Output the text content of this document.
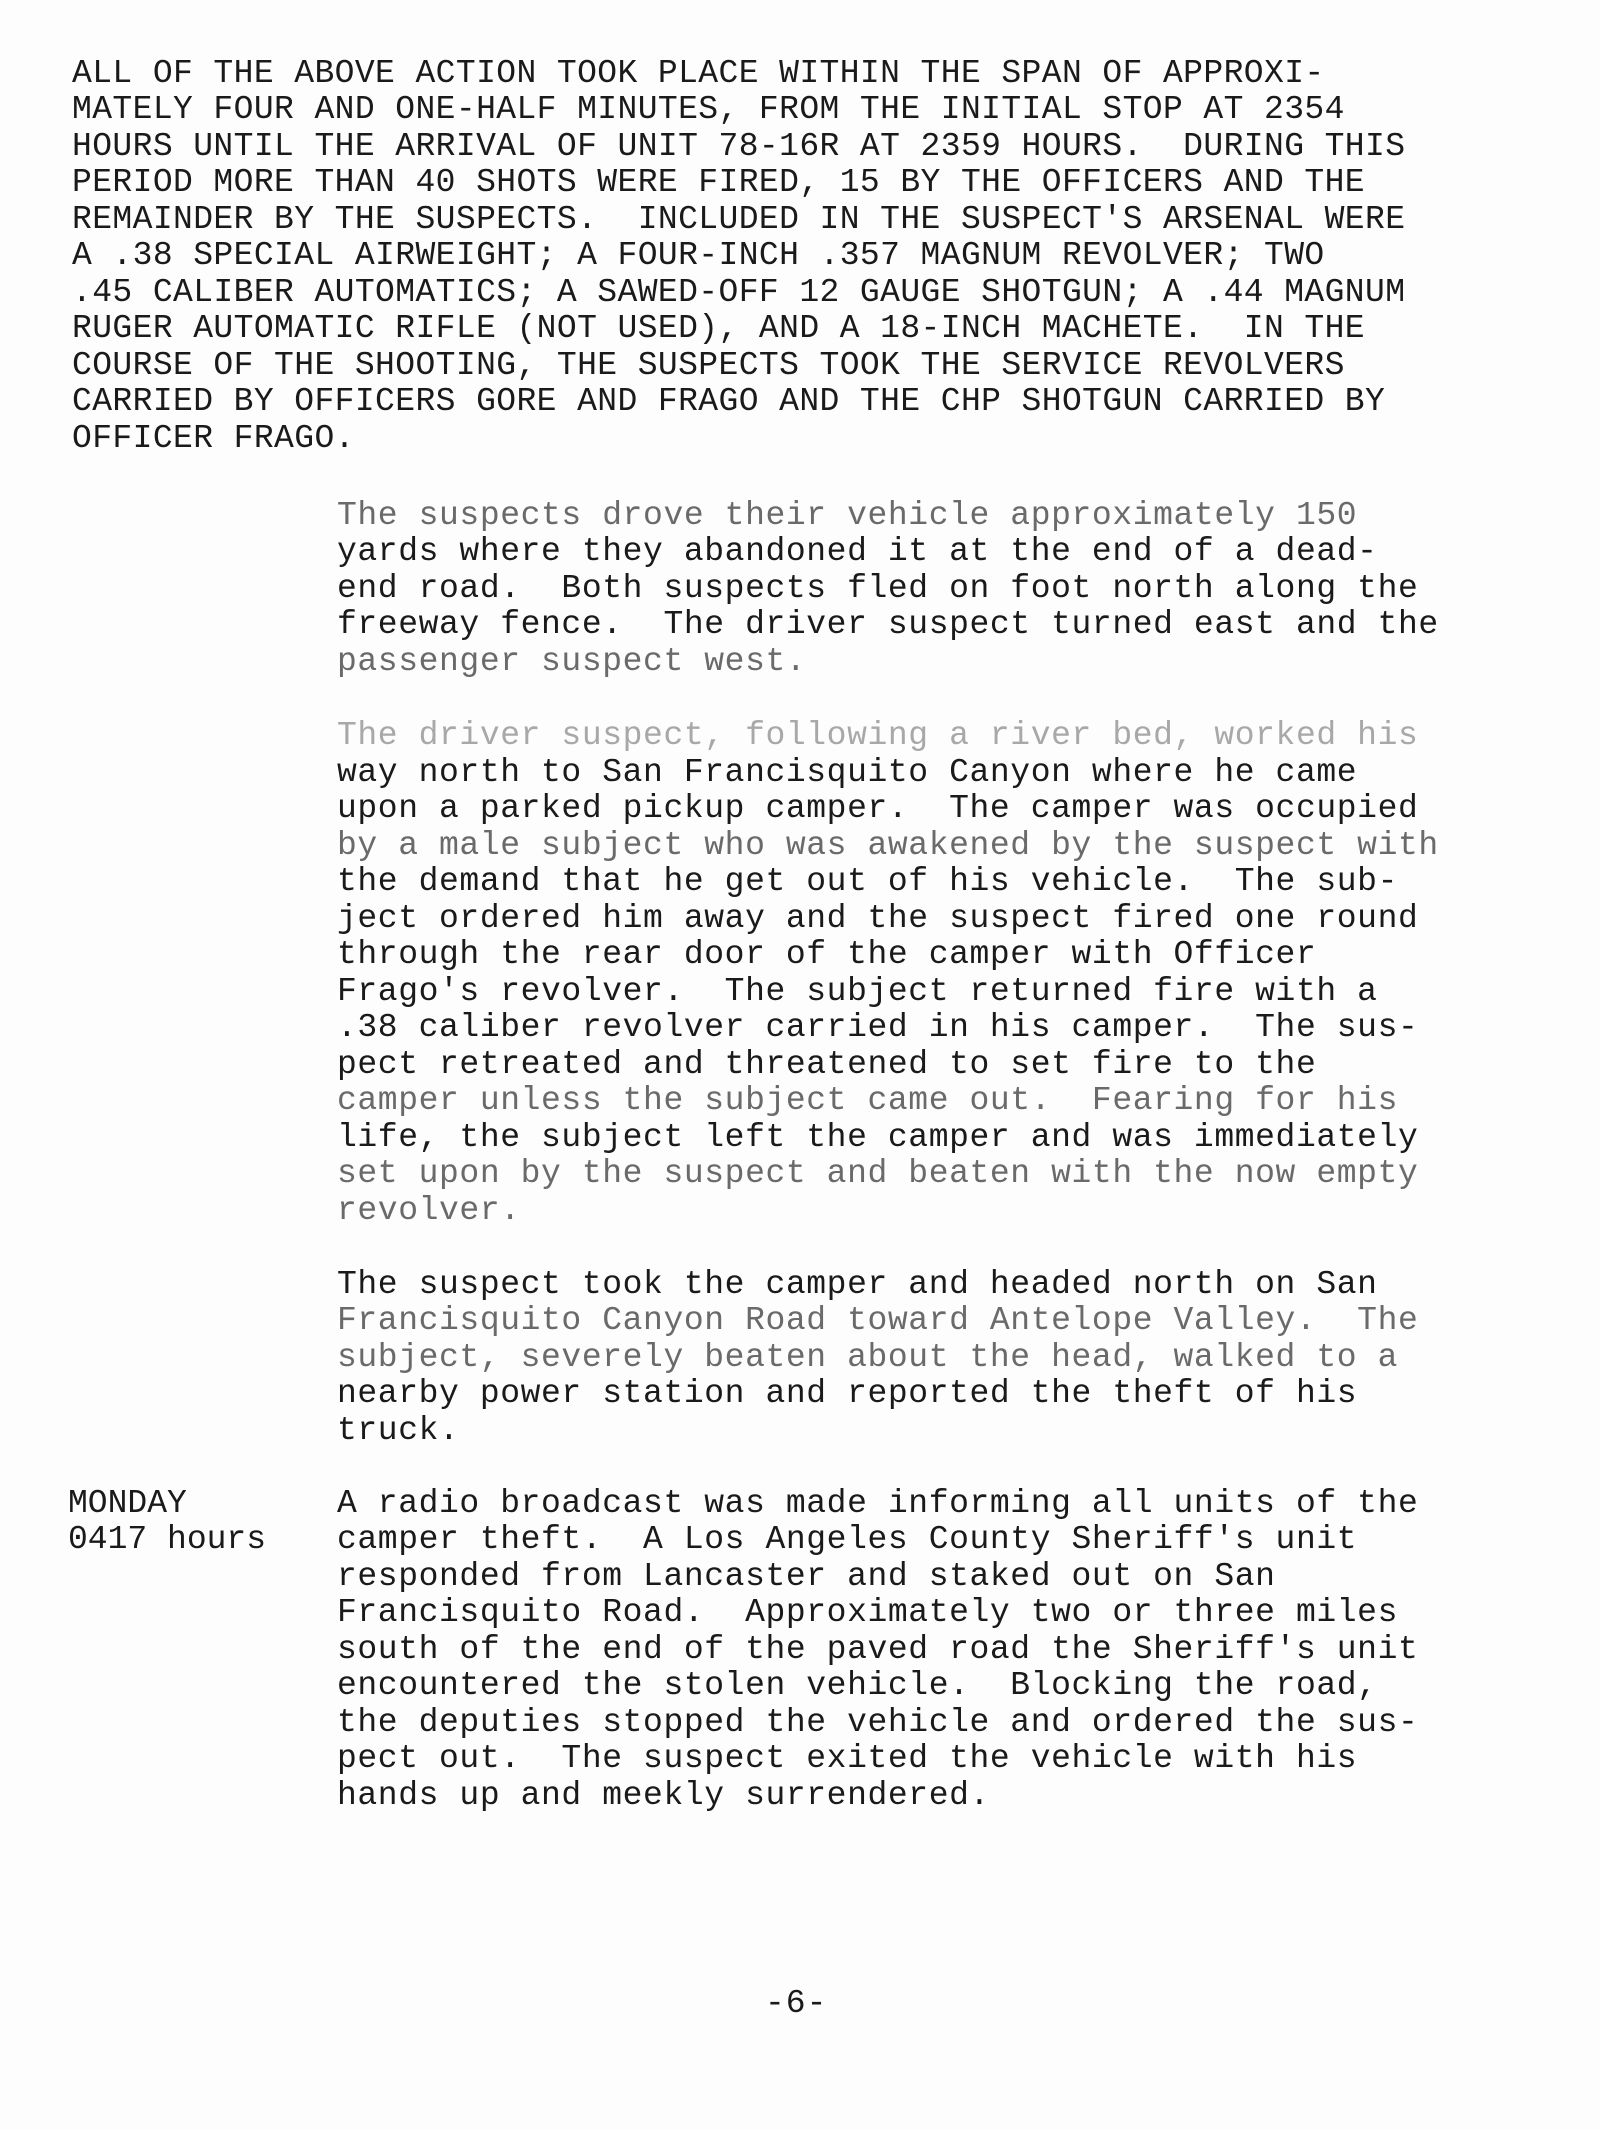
ALL OF THE ABOVE ACTION TOOK PLACE WITHIN THE SPAN OF APPROXI-
MATELY FOUR AND ONE-HALF MINUTES, FROM THE INITIAL STOP AT 2354
HOURS UNTIL THE ARRIVAL OF UNIT 78-16R AT 2359 HOURS.  DURING THIS
PERIOD MORE THAN 40 SHOTS WERE FIRED, 15 BY THE OFFICERS AND THE
REMAINDER BY THE SUSPECTS.  INCLUDED IN THE SUSPECT'S ARSENAL WERE
A .38 SPECIAL AIRWEIGHT; A FOUR-INCH .357 MAGNUM REVOLVER; TWO
.45 CALIBER AUTOMATICS; A SAWED-OFF 12 GAUGE SHOTGUN; A .44 MAGNUM
RUGER AUTOMATIC RIFLE (NOT USED), AND A 18-INCH MACHETE.  IN THE
COURSE OF THE SHOOTING, THE SUSPECTS TOOK THE SERVICE REVOLVERS
CARRIED BY OFFICERS GORE AND FRAGO AND THE CHP SHOTGUN CARRIED BY
OFFICER FRAGO.
The suspects drove their vehicle approximately 150
yards where they abandoned it at the end of a dead-
end road.  Both suspects fled on foot north along the
freeway fence.  The driver suspect turned east and the
passenger suspect west.
The driver suspect, following a river bed, worked his
way north to San Francisquito Canyon where he came
upon a parked pickup camper.  The camper was occupied
by a male subject who was awakened by the suspect with
the demand that he get out of his vehicle.  The sub-
ject ordered him away and the suspect fired one round
through the rear door of the camper with Officer
Frago's revolver.  The subject returned fire with a
.38 caliber revolver carried in his camper.  The sus-
pect retreated and threatened to set fire to the
camper unless the subject came out.  Fearing for his
life, the subject left the camper and was immediately
set upon by the suspect and beaten with the now empty
revolver.
The suspect took the camper and headed north on San
Francisquito Canyon Road toward Antelope Valley.  The
subject, severely beaten about the head, walked to a
nearby power station and reported the theft of his
truck.
MONDAY
0417 hours
A radio broadcast was made informing all units of the
camper theft.  A Los Angeles County Sheriff's unit
responded from Lancaster and staked out on San
Francisquito Road.  Approximately two or three miles
south of the end of the paved road the Sheriff's unit
encountered the stolen vehicle.  Blocking the road,
the deputies stopped the vehicle and ordered the sus-
pect out.  The suspect exited the vehicle with his
hands up and meekly surrendered.
-6-
